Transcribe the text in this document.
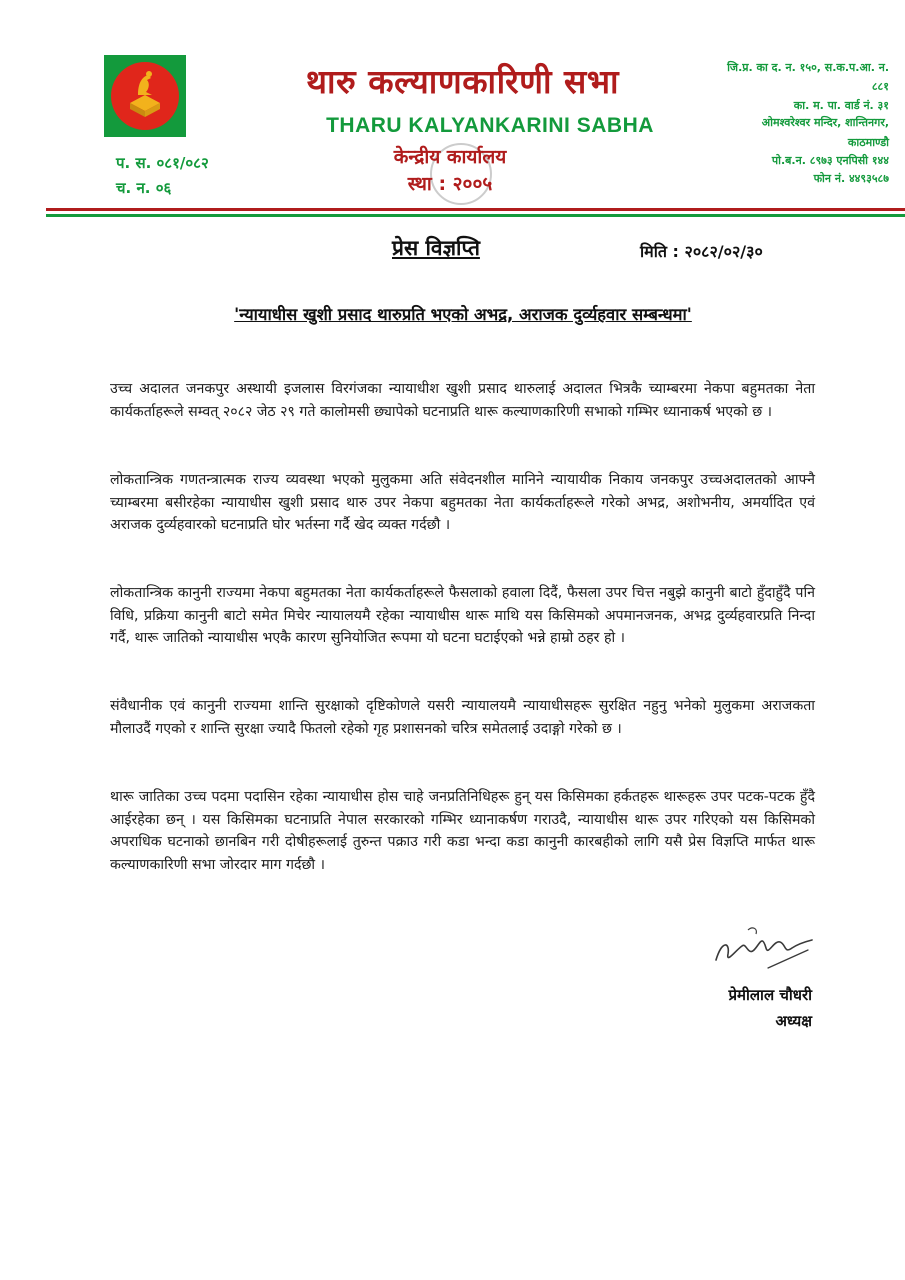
थारु कल्याणकारिणी सभा
THARU KALYANKARINI SABHA
केन्द्रीय कार्यालय
स्था : २००५
प. स. ०८१/०८२
च. न. ०६
जि.प्र. का द. न. १५०, स.क.प.आ. न.
८८१
का. म. पा. वार्ड नं. ३१
ओमश्वरेश्वर मन्दिर, शान्तिनगर,
काठमाण्डौ
पो.ब.न. ८९७३ एनपिसी १४४
फोन नं. ४४९३५८७
प्रेस विज्ञप्ति	मिति : २०८२/०२/३०
'न्यायाधीस खुशी प्रसाद थारुप्रति भएको अभद्र, अराजक दुर्व्यहवार सम्बन्धमा'

उच्च अदालत जनकपुर अस्थायी इजलास विरगंजका न्यायाधीश खुशी प्रसाद थारुलाई अदालत भित्रकै च्याम्बरमा नेकपा बहुमतका नेता कार्यकर्ताहरूले सम्वत् २०८२ जेठ २९ गते कालोमसी छ्यापेको घटनाप्रति थारू कल्याणकारिणी सभाको गम्भिर ध्यानाकर्ष भएको छ ।

लोकतान्त्रिक गणतन्त्रात्मक राज्य व्यवस्था भएको मुलुकमा अति संवेदनशील मानिने न्यायायीक निकाय जनकपुर उच्चअदालतको आफ्नै च्याम्बरमा बसीरहेका न्यायाधीस खुशी प्रसाद थारु उपर नेकपा बहुमतका नेता कार्यकर्ताहरूले गरेको अभद्र, अशोभनीय, अमर्यादित एवं अराजक दुर्व्यहवारको घटनाप्रति घोर भर्तस्ना गर्दै खेद व्यक्त गर्दछौ ।

लोकतान्त्रिक कानुनी राज्यमा नेकपा बहुमतका नेता कार्यकर्ताहरूले फैसलाको हवाला दिदैं, फैसला उपर चित्त नबुझे कानुनी बाटो हुँदाहुँदै पनि विधि, प्रक्रिया कानुनी बाटो समेत मिचेर न्यायालयमै रहेका न्यायाधीस थारू माथि यस किसिमको अपमानजनक, अभद्र दुर्व्यहवारप्रति निन्दा गर्दै, थारू जातिको न्यायाधीस भएकै कारण सुनियोजित रूपमा यो घटना घटाईएको भन्ने हाम्रो ठहर हो ।

संवैधानीक एवं कानुनी राज्यमा शान्ति सुरक्षाको दृष्टिकोणले यसरी न्यायालयमै न्यायाधीसहरू सुरक्षित नहुनु भनेको मुलुकमा अराजकता मौलाउदैं गएको र शान्ति सुरक्षा ज्यादै फितलो रहेको गृह प्रशासनको चरित्र समेतलाई उदाङ्गो गरेको छ ।

थारू जातिका उच्च पदमा पदासिन रहेका न्यायाधीस होस चाहे जनप्रतिनिधिहरू हुन् यस किसिमका हर्कतहरू थारूहरू उपर पटक-पटक हुँदै आईरहेका छन् । यस किसिमका घटनाप्रति नेपाल सरकारको गम्भिर ध्यानाकर्षण गराउदै, न्यायाधीस थारू उपर गरिएको यस किसिमको अपराधिक घटनाको छानबिन गरी दोषीहरूलाई तुरुन्त पक्राउ गरी कडा भन्दा कडा कानुनी कारबहीको लागि यसै प्रेस विज्ञप्ति मार्फत थारू कल्याणकारिणी सभा जोरदार माग गर्दछौ ।

प्रेमीलाल चौधरी
अध्यक्ष
